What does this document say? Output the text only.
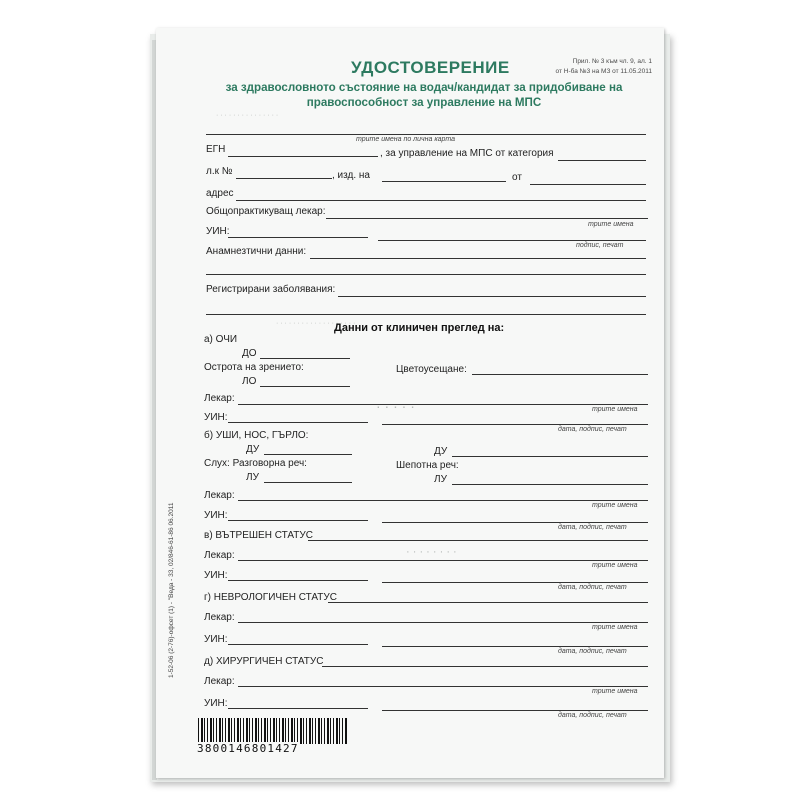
· · · · · · · · · · · · · · ·
· · · · · · · · · · · · · · · · · · ·
· · · · ·
· · · · · · · ·
УДОСТОВЕРЕНИЕ	Прил. № 3 към чл. 9, ал. 1
от Н-ба №3 на МЗ от 11.05.2011
за здравословното състояние на водач/кандидат за придобиване на правоспособност за управление на МПС
трите имена по лична карта
ЕГН	, за управление на МПС от категория
л.к №	, изд. на	от
адрес
Общопрактикуващ лекар:
трите имена
УИН:
подпис, печат
Анамнезтични данни:
Регистрирани заболявания:
Данни от клиничен преглед на:
а) ОЧИ
ДО
Острота на зрението:	Цветоусещане:
ЛО
Лекар:
трите имена
УИН:
дата, подпис, печат
б) УШИ, НОС, ГЪРЛО:
ДУ	ДУ
Слух: Разговорна реч:	Шепотна реч:
ЛУ	ЛУ
Лекар:
трите имена
УИН:
дата, подпис, печат
в) ВЪТРЕШЕН СТАТУС
Лекар:
трите имена
УИН:
дата, подпис, печат
г) НЕВРОЛОГИЧЕН СТАТУС
Лекар:
трите имена
УИН:
дата, подпис, печат
д) ХИРУРГИЧЕН СТАТУС
Лекар:
трите имена
УИН:
дата, подпис, печат
1-52-06 (2-76)-офсет (1) - "Веда - 33, 02/846-61-86 06.2011
3800146801427
